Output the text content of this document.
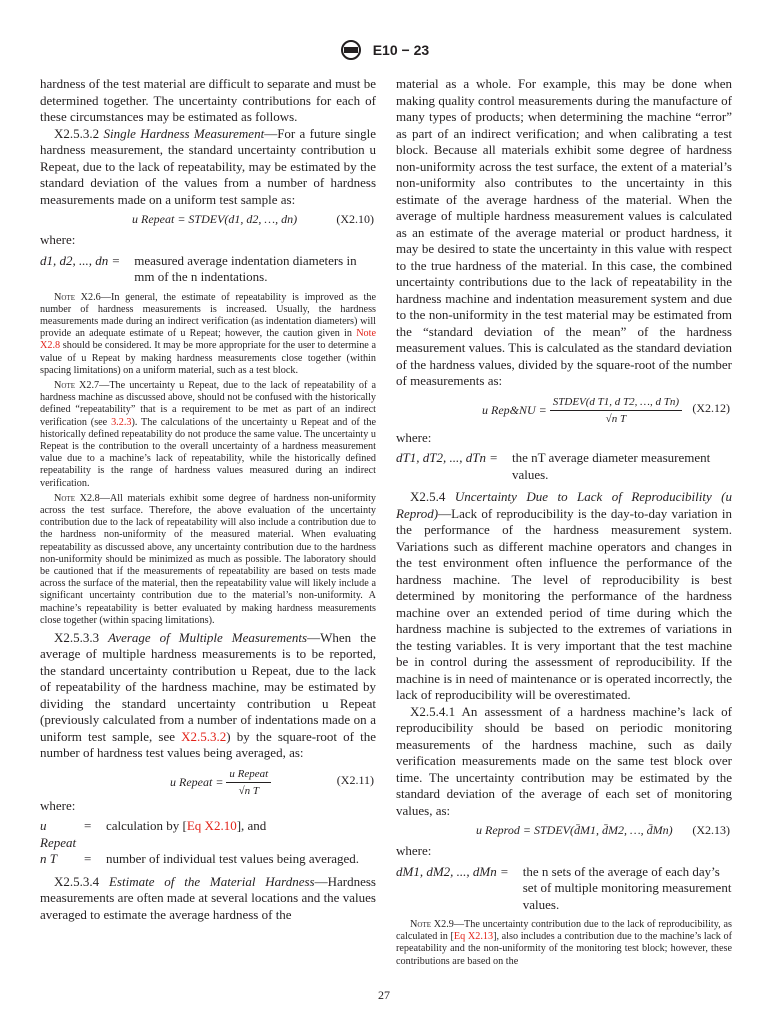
E10 − 23

hardness of the test material are difficult to separate and must be determined together. The uncertainty contributions for each of these circumstances may be estimated as follows.

X2.5.3.2 Single Hardness Measurement—For a future single hardness measurement, the standard uncertainty contribution u Repeat, due to the lack of repeatability, may be estimated by the standard deviation of the values from a number of hardness measurements made on a uniform test sample as:

u Repeat = STDEV(d1, d2, …, dn)	(X2.10)

where:

d1, d2, ..., dn =	measured average indentation diameters in mm of the n indentations.

Note X2.6—In general, the estimate of repeatability is improved as the number of hardness measurements is increased. Usually, the hardness measurements made during an indirect verification (as indentation diameters) will provide an adequate estimate of u Repeat; however, the caution given in Note X2.8 should be considered. It may be more appropriate for the user to determine a value of u Repeat by making hardness measurements close together (within spacing limitations) on a uniform material, such as a test block.

Note X2.7—The uncertainty u Repeat, due to the lack of repeatability of a hardness machine as discussed above, should not be confused with the historically defined “repeatability” that is a requirement to be met as part of an indirect verification (see 3.2.3). The calculations of the uncertainty u Repeat and of the historically defined repeatability do not produce the same value. The uncertainty u Repeat is the contribution to the overall uncertainty of a hardness measurement value due to a machine’s lack of repeatability, while the historically defined repeatability is the range of hardness values measured during an indirect verification.

Note X2.8—All materials exhibit some degree of hardness non-uniformity across the test surface. Therefore, the above evaluation of the uncertainty contribution due to the lack of repeatability will also include a contribution due to the hardness non-uniformity of the measured material. When evaluating repeatability as discussed above, any uncertainty contribution due to the hardness non-uniformity should be minimized as much as possible. The laboratory should be cautioned that if the measurements of repeatability are based on tests made across the surface of the material, then the repeatability value will likely include a significant uncertainty contribution due to the material’s non-uniformity. A machine’s repeatability is better evaluated by making hardness measurements close together (within spacing limitations).

X2.5.3.3 Average of Multiple Measurements—When the average of multiple hardness measurements is to be reported, the standard uncertainty contribution u Repeat, due to the lack of repeatability of the hardness machine, may be estimated by dividing the standard uncertainty contribution u Repeat (previously calculated from a number of indentations made on a uniform test sample, see X2.5.3.2) by the square-root of the number of hardness test values being averaged, as:

u Repeat = $\frac{\text{u Repeat}}{\text{√n T}}$	(X2.11)

where:

u Repeat
=	calculation by [Eq X2.10], and
n T	=	number of individual test values being averaged.

X2.5.3.4 Estimate of the Material Hardness—Hardness measurements are often made at several locations and the values averaged to estimate the average hardness of the

material as a whole. For example, this may be done when making quality control measurements during the manufacture of many types of products; when determining the machine “error” as part of an indirect verification; and when calibrating a test block. Because all materials exhibit some degree of hardness non-uniformity across the test surface, the extent of a material’s non-uniformity also contributes to the uncertainty in this estimate of the average hardness of the material. When the average of multiple hardness measurement values is calculated as an estimate of the average material or product hardness, it may be desired to state the uncertainty in this value with respect to the true hardness of the material. In this case, the combined uncertainty contributions due to the lack of repeatability in the hardness machine and indentation measurement system and due to the non-uniformity in the test material may be estimated from the “standard deviation of the mean” of the hardness measurement values. This is calculated as the standard deviation of the hardness values, divided by the square-root of the number of measurements as:

u Rep&NU = $\frac{\text{STDEV(d T1, d T2, …, d Tn)}}{\text{√n T}} (X2.12)$

where:

dT1, dT2, ..., dTn =	the nT average diameter measurement values.

X2.5.4 Uncertainty Due to Lack of Reproducibility (u Reprod)—Lack of reproducibility is the day-to-day variation in the performance of the hardness measurement system. Variations such as different machine operators and changes in the test environment often influence the performance of the hardness machine. The level of reproducibility is best determined by monitoring the performance of the hardness machine over an extended period of time during which the hardness machine is subjected to the extremes of variations in the testing variables. It is very important that the test machine be in control during the assessment of reproducibility. If the machine is in need of maintenance or is operated incorrectly, the lack of reproducibility will be overestimated.

X2.5.4.1 An assessment of a hardness machine’s lack of reproducibility should be based on periodic monitoring measurements of the hardness machine, such as daily verification measurements made on the same test block over time. The uncertainty contribution may be estimated by the standard deviation of the average of each set of monitoring values, as:

u Reprod = STDEV(d̄M1, d̄M2, …, d̄Mn) (X2.13)

where:

dM1, dM2, ..., dMn =	the n sets of the average of each day’s set of multiple monitoring measurement values.

Note X2.9—The uncertainty contribution due to the lack of reproducibility, as calculated in [Eq X2.13], also includes a contribution due to the machine’s lack of repeatability and the non-uniformity of the monitoring test block; however, these contributions are based on the

27
